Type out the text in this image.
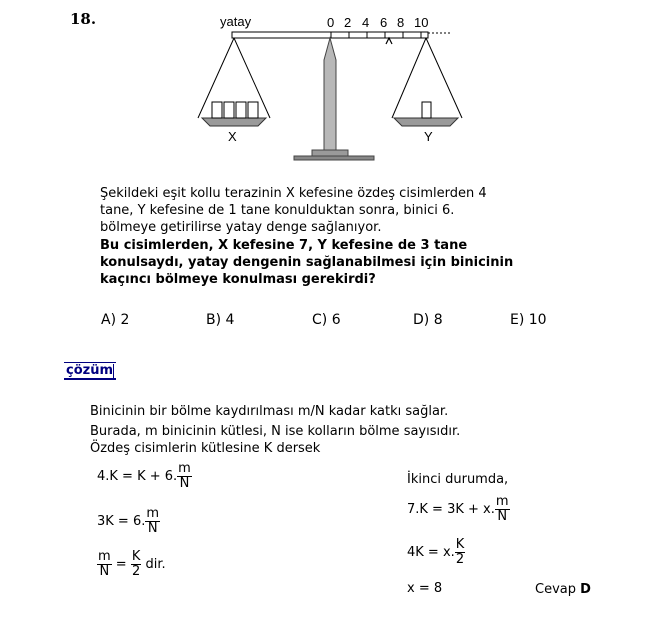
18.	yatay	0 2 4 6 8 10
X	Y
Şekildeki eşit kollu terazinin X kefesine özdeş cisimlerden 4
tane, Y kefesine de 1 tane konulduktan sonra, binici 6.
bölmeye getirilirse yatay denge sağlanıyor.
Bu cisimlerden, X kefesine 7, Y kefesine de 3 tane
konulsaydı, yatay dengenin sağlanabilmesi için binicinin
kaçıncı bölmeye konulması gerekirdi?
A) 2	B) 4	C) 6	D) 8	E) 10
çözüm
Binicinin bir bölme kaydırılması m/N kadar katkı sağlar.
Burada, m binicinin kütlesi, N ise kolların bölme sayısıdır.
Özdeş cisimlerin kütlesine K dersek
4.K = K + 6. $\frac{m}{N}$
3K = 6. $\frac{m}{N}$
$\frac{m}{N} = \frac{K}{2}$ dir.
İkinci durumda,
7.K = 3K + x. $\frac{m}{N}$
4K = x. $\frac{K}{2}$
x = 8	Cevap D
